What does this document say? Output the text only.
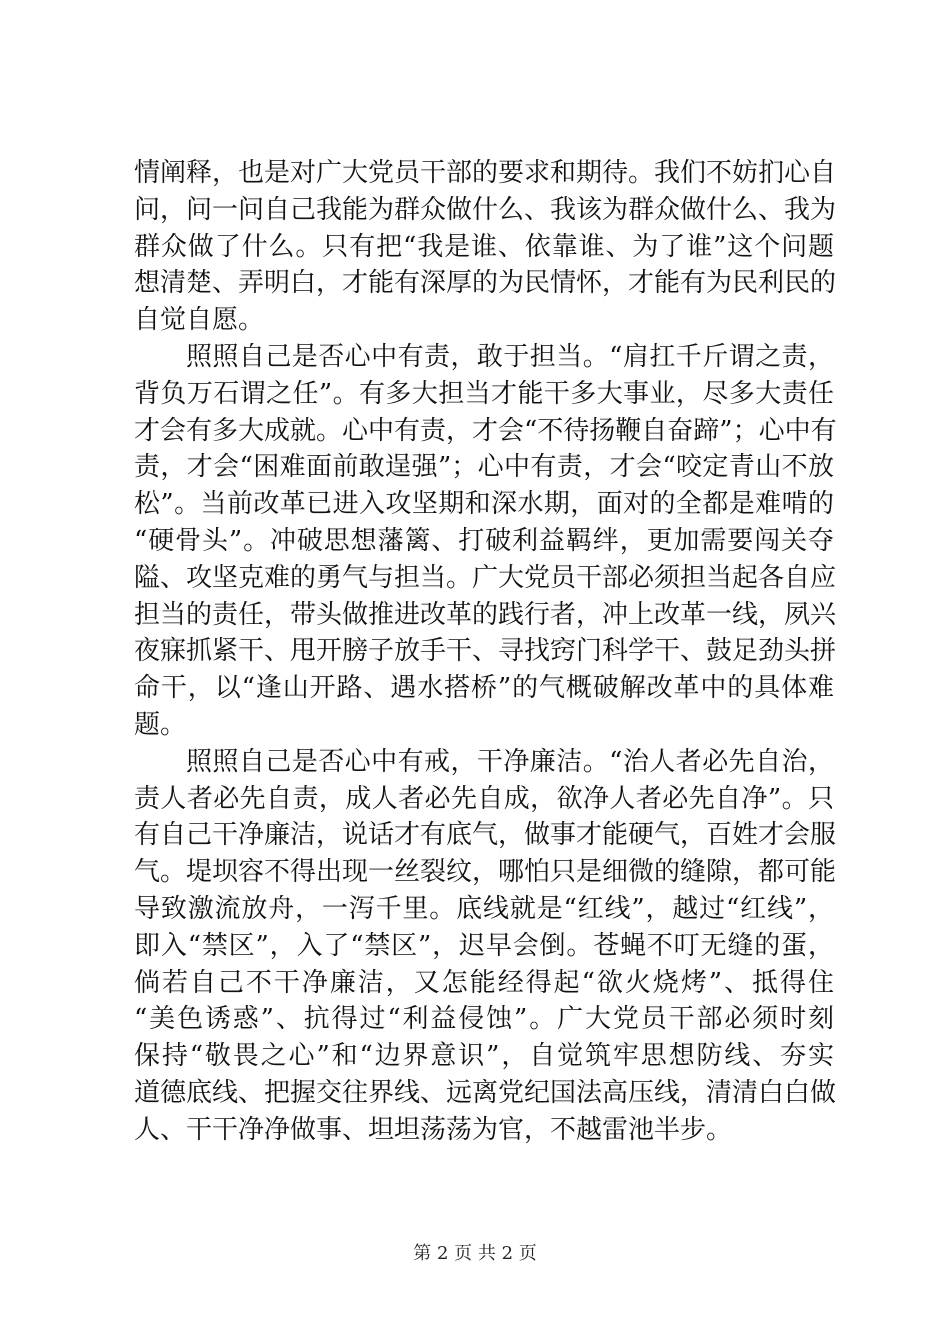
情阐释，也是对广大党员干部的要求和期待。我们不妨扪心自
问，问一问自己我能为群众做什么、我该为群众做什么、我为
群众做了什么。只有把“我是谁、依靠谁、为了谁”这个问题
想清楚、弄明白，才能有深厚的为民情怀，才能有为民利民的
自觉自愿。
照照自己是否心中有责，敢于担当。“肩扛千斤谓之责，
背负万石谓之任”。有多大担当才能干多大事业，尽多大责任
才会有多大成就。心中有责，才会“不待扬鞭自奋蹄”；心中有
责，才会“困难面前敢逞强”；心中有责，才会“咬定青山不放
松”。当前改革已进入攻坚期和深水期，面对的全都是难啃的
“硬骨头”。冲破思想藩篱、打破利益羁绊，更加需要闯关夺
隘、攻坚克难的勇气与担当。广大党员干部必须担当起各自应
担当的责任，带头做推进改革的践行者，冲上改革一线，夙兴
夜寐抓紧干、甩开膀子放手干、寻找窍门科学干、鼓足劲头拼
命干，以“逢山开路、遇水搭桥”的气概破解改革中的具体难
题。
照照自己是否心中有戒，干净廉洁。“治人者必先自治，
责人者必先自责，成人者必先自成，欲净人者必先自净”。只
有自己干净廉洁，说话才有底气，做事才能硬气，百姓才会服
气。堤坝容不得出现一丝裂纹，哪怕只是细微的缝隙，都可能
导致激流放舟，一泻千里。底线就是“红线”，越过“红线”，
即入“禁区”，入了“禁区”，迟早会倒。苍蝇不叮无缝的蛋，
倘若自己不干净廉洁，又怎能经得起“欲火烧烤”、抵得住
“美色诱惑”、抗得过“利益侵蚀”。广大党员干部必须时刻
保持“敬畏之心”和“边界意识”，自觉筑牢思想防线、夯实
道德底线、把握交往界线、远离党纪国法高压线，清清白白做
人、干干净净做事、坦坦荡荡为官，不越雷池半步。
第 2 页 共 2 页
